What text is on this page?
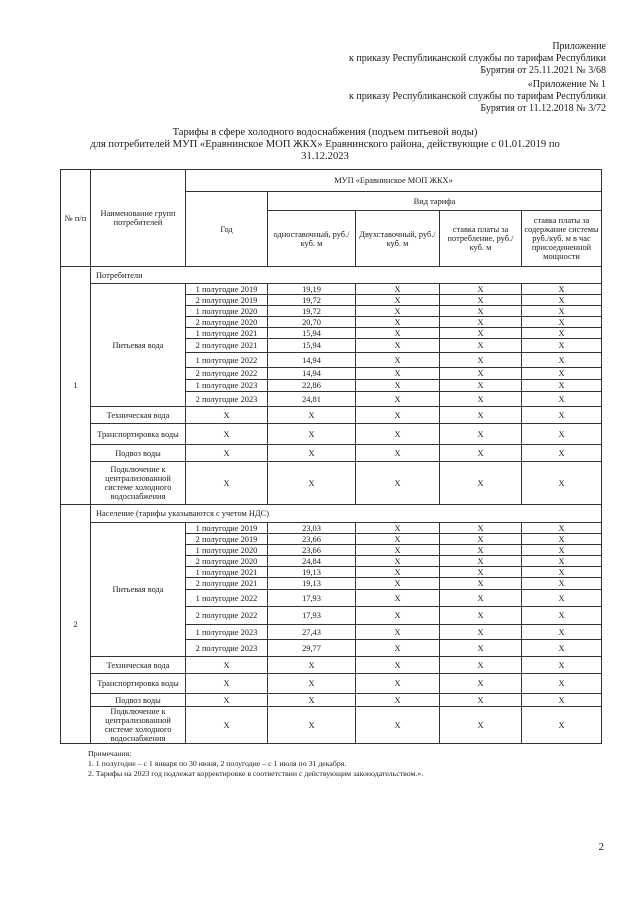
Приложение
к приказу Республиканской службы по тарифам Республики
Бурятия от 25.11.2021 № 3/68
«Приложение № 1
к приказу Республиканской службы по тарифам Республики
Бурятия от 11.12.2018 № 3/72
Тарифы в сфере холодного водоснабжения (подъем питьевой воды)
для потребителей МУП «Еравнинское МОП ЖКХ» Еравнинского района, действующие с 01.01.2019 по
31.12.2023
№ п/п	Наименование групп потребителей	МУП «Еравнинское МОП ЖКХ»				
		Год	Вид тарифа			
			одноставочный, руб./куб. м	Двухставочный, руб./ куб. м	ставка платы за потребление, руб./куб. м	ставка платы за содержание системы руб./куб. м в час присоединенной мощности
1	Потребители					
	Питьевая вода	1 полугодие 2019	19,19	Х	Х	Х
		2 полугодие 2019	19,72	Х	Х	Х
		1 полугодие 2020	19,72	Х	Х	Х
		2 полугодие 2020	20,70	Х	Х	Х
		1 полугодие 2021	15,94	Х	Х	Х
		2 полугодие 2021	15,94	Х	Х	Х
		1 полугодие 2022	14,94	Х	Х	Х
		2 полугодие 2022	14,94	Х	Х	Х
		1 полугодие 2023	22,86	Х	Х	Х
		2 полугодие 2023	24,81	Х	Х	Х
	Техническая вода	Х	Х	Х	Х	Х
	Транспортировка воды	Х	Х	Х	Х	Х
	Подвоз воды	Х	Х	Х	Х	Х
	Подключение к централизованной системе холодного водоснабжения	Х	Х	Х	Х	Х
2	Население (тарифы указываются с учетом НДС)					
	Питьевая вода	1 полугодие 2019	23,03	Х	Х	Х
		2 полугодие 2019	23,66	Х	Х	Х
		1 полугодие 2020	23,66	Х	Х	Х
		2 полугодие 2020	24,84	Х	Х	Х
		1 полугодие 2021	19,13	Х	Х	Х
		2 полугодие 2021	19,13	Х	Х	Х
		1 полугодие 2022	17,93	Х	Х	Х
		2 полугодие 2022	17,93	Х	Х	Х
		1 полугодие 2023	27,43	Х	Х	Х
		2 полугодие 2023	29,77	Х	Х	Х
	Техническая вода	Х	Х	Х	Х	Х
	Транспортировка воды	Х	Х	Х	Х	Х
	Подвоз воды	Х	Х	Х	Х	Х
	Подключение к централизованной системе холодного водоснабжения	Х	Х	Х	Х	Х
Примечания:
1. 1 полугодие – с 1 января по 30 июня, 2 полугодие – с 1 июля по 31 декабря.
2. Тарифы на 2023 год подлежат корректировке в соответствии с действующим законодательством.».
2
